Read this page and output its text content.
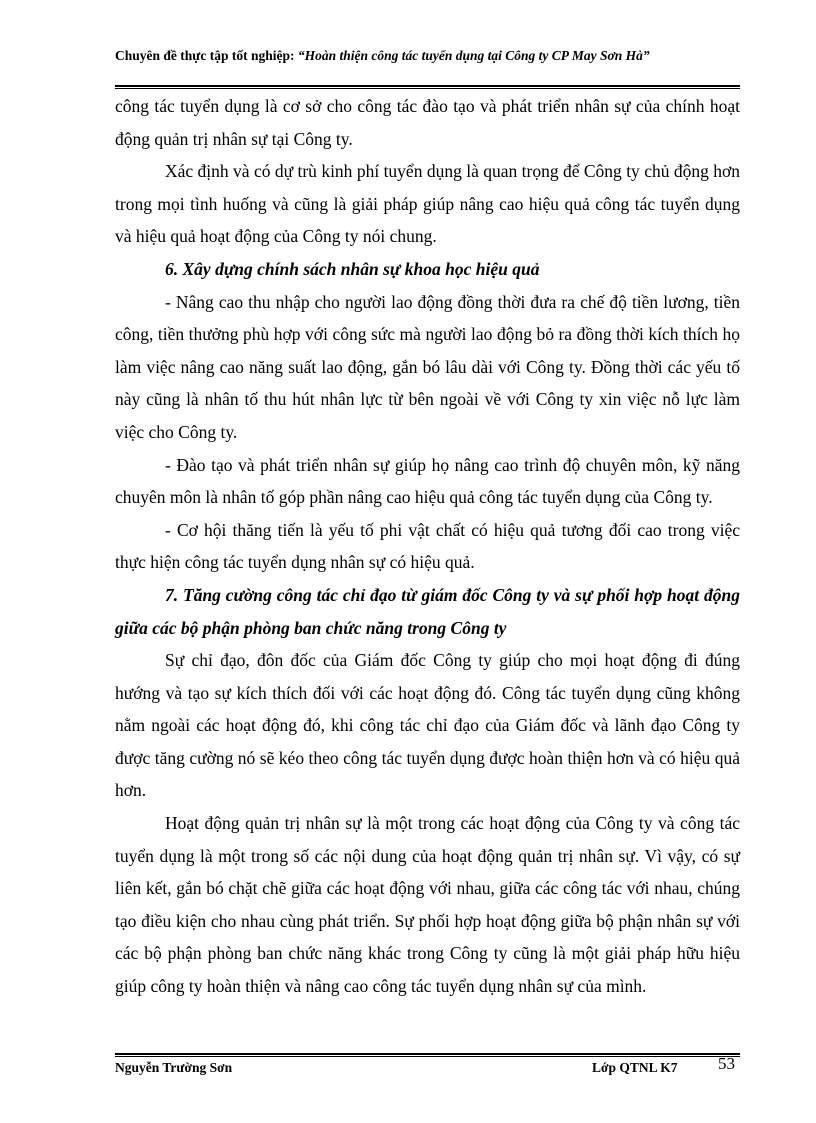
Chuyên đề thực tập tốt nghiệp: “Hoàn thiện công tác tuyển dụng tại Công ty CP May Sơn Hà”

công tác tuyển dụng là cơ sở cho công tác đào tạo và phát triển nhân sự của chính hoạt động quản trị nhân sự tại Công ty.

Xác định và có dự trù kinh phí tuyển dụng là quan trọng để Công ty chủ động hơn trong mọi tình huống và cũng là giải pháp giúp nâng cao hiệu quả công tác tuyển dụng và hiệu quả hoạt động của Công ty nói chung.

6. Xây dựng chính sách nhân sự khoa học hiệu quả

- Nâng cao thu nhập cho người lao động đồng thời đưa ra chế độ tiền lương, tiền công, tiền thưởng phù hợp với công sức mà người lao động bỏ ra đồng thời kích thích họ làm việc nâng cao năng suất lao động, gắn bó lâu dài với Công ty. Đồng thời các yếu tố này cũng là nhân tố thu hút nhân lực từ bên ngoài về với Công ty xin việc nỗ lực làm việc cho Công ty.

- Đào tạo và phát triển nhân sự giúp họ nâng cao trình độ chuyên môn, kỹ năng chuyên môn là nhân tố góp phần nâng cao hiệu quả công tác tuyển dụng của Công ty.

- Cơ hội thăng tiến là yếu tố phi vật chất có hiệu quả tương đối cao trong việc thực hiện công tác tuyển dụng nhân sự có hiệu quả.

7. Tăng cường công tác chỉ đạo từ giám đốc Công ty và sự phối hợp hoạt động giữa các bộ phận phòng ban chức năng trong Công ty

Sự chỉ đạo, đôn đốc của Giám đốc Công ty giúp cho mọi hoạt động đi đúng hướng và tạo sự kích thích đối với các hoạt động đó. Công tác tuyển dụng cũng không nằm ngoài các hoạt động đó, khi công tác chỉ đạo của Giám đốc và lãnh đạo Công ty được tăng cường nó sẽ kéo theo công tác tuyển dụng được hoàn thiện hơn và có hiệu quả hơn.

Hoạt động quản trị nhân sự là một trong các hoạt động của Công ty và công tác tuyển dụng là một trong số các nội dung của hoạt động quản trị nhân sự. Vì vậy, có sự liên kết, gắn bó chặt chẽ giữa các hoạt động với nhau, giữa các công tác với nhau, chúng tạo điều kiện cho nhau cùng phát triển. Sự phối hợp hoạt động giữa bộ phận nhân sự với các bộ phận phòng ban chức năng khác trong Công ty cũng là một giải pháp hữu hiệu giúp công ty hoàn thiện và nâng cao công tác tuyển dụng nhân sự của mình.

Nguyễn Trường Sơn	Lớp QTNL K7 53
